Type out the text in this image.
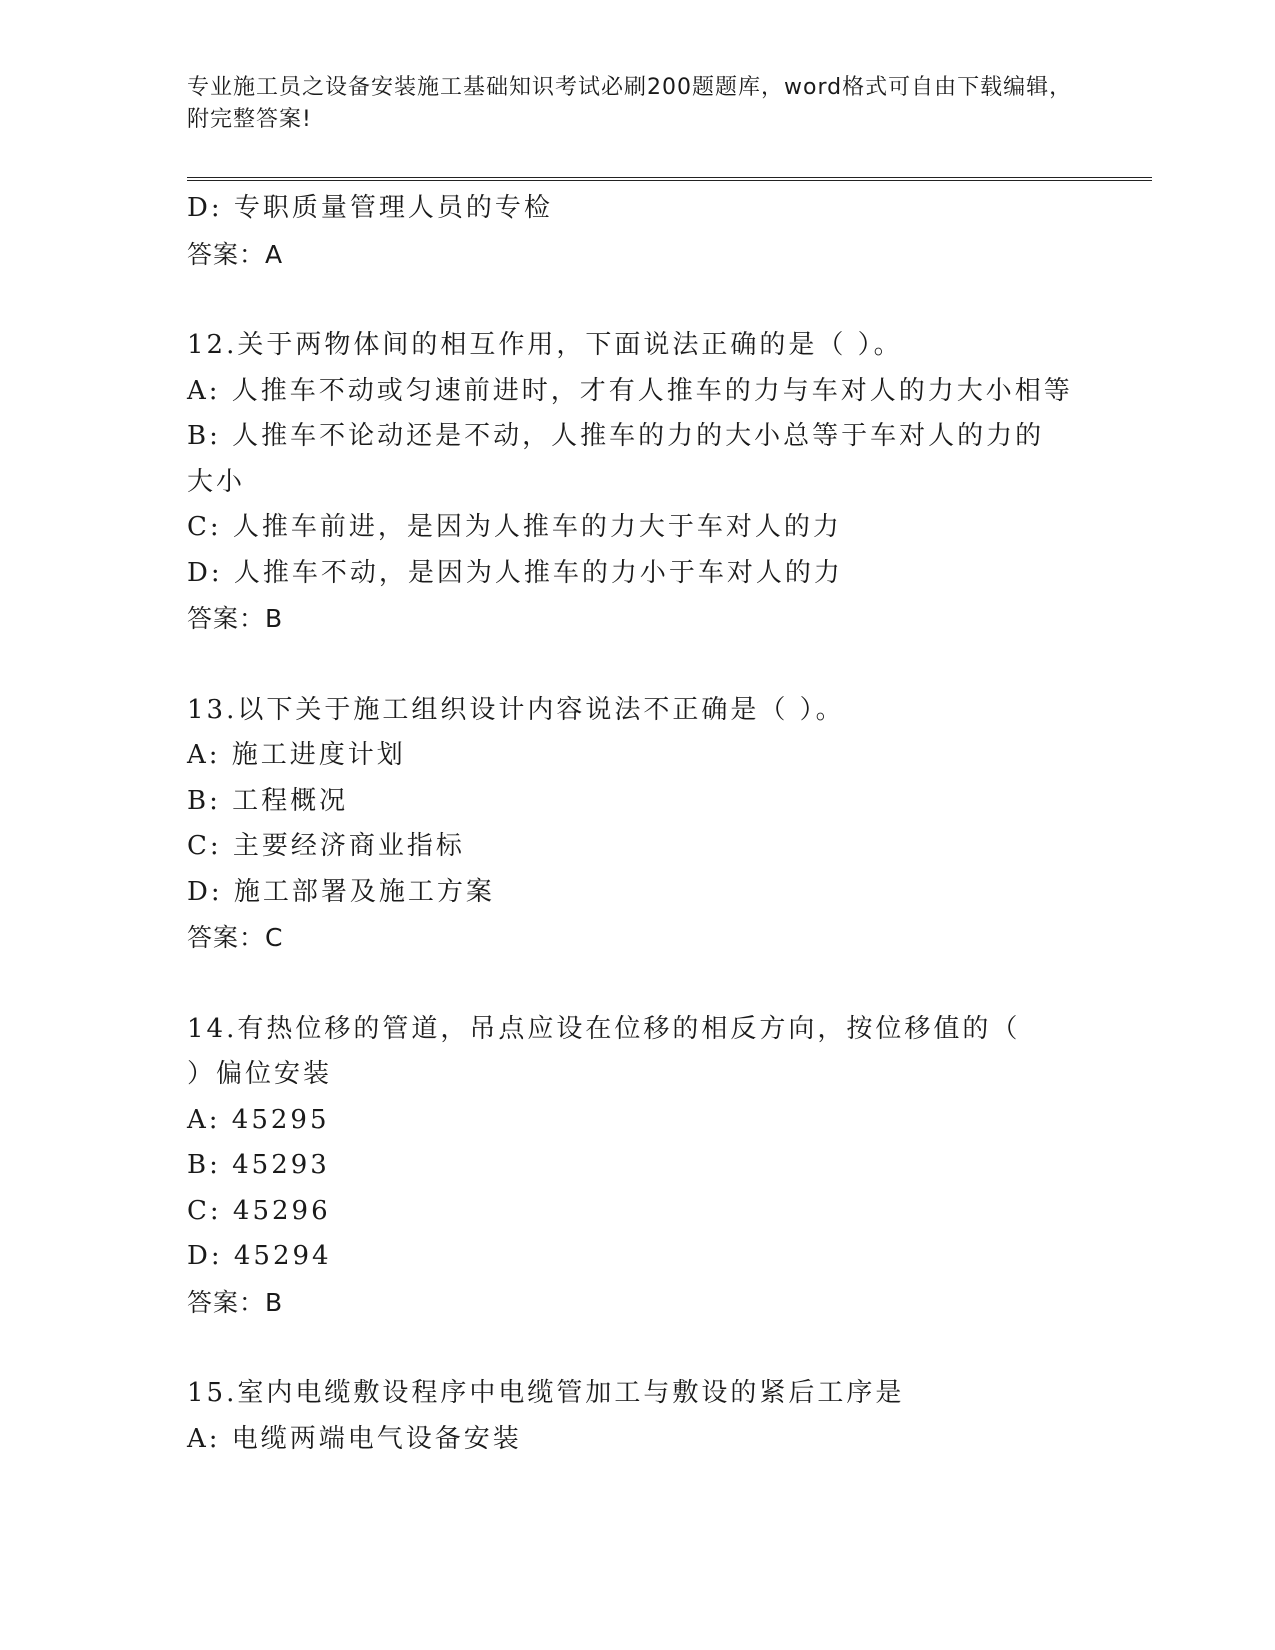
专业施工员之设备安装施工基础知识考试必刷200题题库，word格式可自由下载编辑，附完整答案!
D: 专职质量管理人员的专检
答案：A
12.关于两物体间的相互作用，下面说法正确的是（ ）。
A: 人推车不动或匀速前进时，才有人推车的力与车对人的力大小相等
B: 人推车不论动还是不动，人推车的力的大小总等于车对人的力的大小
C: 人推车前进，是因为人推车的力大于车对人的力
D: 人推车不动，是因为人推车的力小于车对人的力
答案：B
13.以下关于施工组织设计内容说法不正确是（ ）。
A: 施工进度计划
B: 工程概况
C: 主要经济商业指标
D: 施工部署及施工方案
答案：C
14.有热位移的管道，吊点应设在位移的相反方向，按位移值的（ ）偏位安装
A: 45295
B: 45293
C: 45296
D: 45294
答案：B
15.室内电缆敷设程序中电缆管加工与敷设的紧后工序是
A: 电缆两端电气设备安装
